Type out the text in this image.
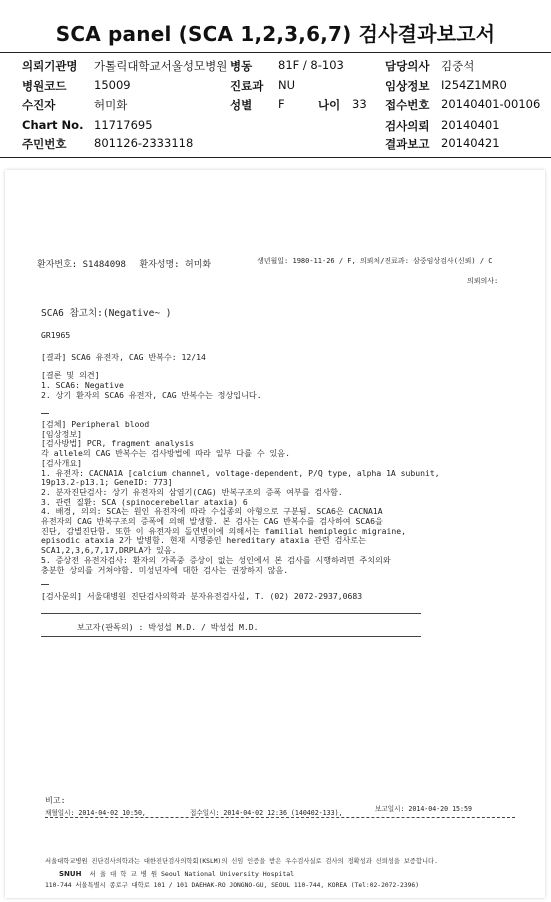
SCA panel (SCA 1,2,3,6,7) 검사결과보고서
의뢰기관명 가톨릭대학교서울성모병원 병동 81F / 8-103	담당의사 김중석
병원코드 15009	진료과 NU	임상정보 I254Z1MR0
수진자	허미화	성별 F	나이 33 접수번호 20140401-00106
Chart No. 11717695	검사의뢰 20140401
주민번호 801126-2333118	결과보고 20140421
환자번호: S1484098 환자성명: 허미화	생년월일: 1980-11-26 / F, 의뢰처/진료과: 삼중임상검사(신뢰) / C
의뢰의사:
SCA6 참고치:(Negative~ )
GR1965
[결과] SCA6 유전자, CAG 반복수: 12/14
[결론 및 의견]
1. SCA6: Negative
2. 상기 환자의 SCA6 유전자, CAG 반복수는 정상입니다.
[검체] Peripheral blood
[임상정보]
[검사방법] PCR, fragment analysis
각 allele의 CAG 반복수는 검사방법에 따라 일부 다를 수 있음.
[검사개요]
1. 유전자: CACNA1A [calcium channel, voltage-dependent, P/Q type, alpha 1A subunit,
19p13.2-p13.1; GeneID: 773]
2. 분자진단검사: 상기 유전자의 삼염기(CAG) 반복구조의 증폭 여부를 검사함.
3. 관련 질환: SCA (spinocerebellar ataxia) 6
4. 배경, 의의: SCA는 원인 유전자에 따라 수십종의 아형으로 구분됨. SCA6은 CACNA1A
유전자의 CAG 반복구조의 증폭에 의해 발생함. 본 검사는 CAG 반복수를 검사하여 SCA6을
진단, 감별진단함. 또한 이 유전자의 돌연변이에 의해서는 familial hemiplegic migraine,
episodic ataxia 2가 발병함. 현재 시행중인 hereditary ataxia 관련 검사로는
SCA1,2,3,6,7,17,DRPLA가 있음.
5. 증상전 유전자검사: 환자의 가족중 증상이 없는 성인에서 본 검사를 시행하려면 주치의와
충분한 상의를 거쳐야함. 미성년자에 대한 검사는 권장하지 않음.
[검사문의] 서울대병원 진단검사의학과 분자유전검사실, T. (02) 2072-2937,0683
보고자(판독의) : 박성섭 M.D. / 박성섭 M.D.
비고:
채혈일시: 2014-04-02 10:50,	접수일시: 2014-04-02 12:36 (140402-133),	보고일시: 2014-04-20 15:59
서울대학교병원 진단검사의학과는 대한진단검사의학회(KSLM)의 신임 인증을 받은 우수검사실로 검사의 정확성과 신뢰성을 보증합니다.
SNUH 서 울 대 학 교 병 원 Seoul National University Hospital
110-744 서울특별시 종로구 대학로 101 / 101 DAEHAK-RO JONGNO-GU, SEOUL 110-744, KOREA (Tel:02-2072-2396)
